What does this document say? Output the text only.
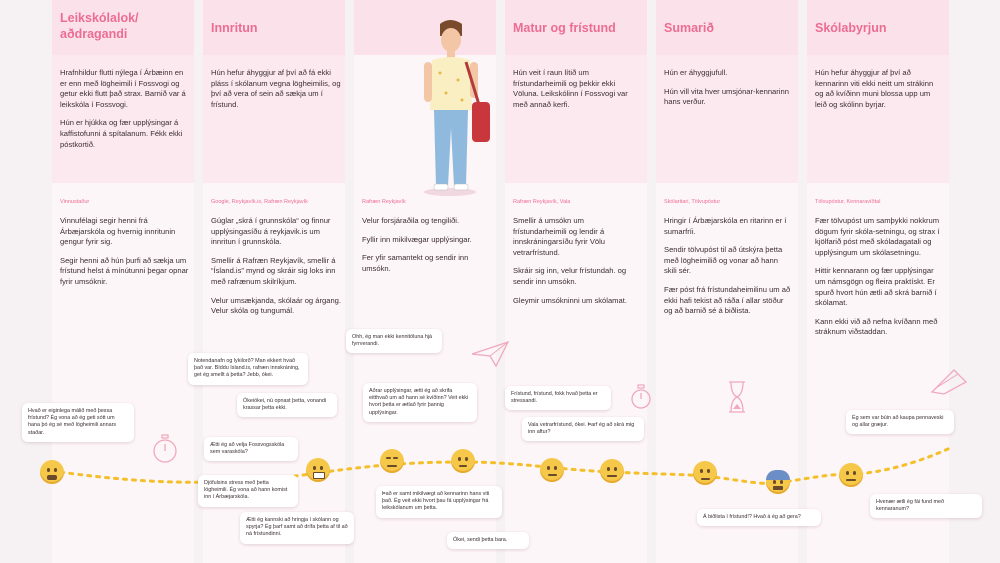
Leikskólalok/ aðdragandi	Innritun	Matur og frístund	Sumarið	Skólabyrjun

Hrafnhildur flutti nýlega í Árbæinn en er enn með lögheimili í Fossvogi og getur ekki flutt það strax. Barnið var á leikskóla í Fossvogi.

Hún er hjúkka og fær upplýsingar á kaffistofunni á spítalanum. Fékk ekki póstkortið.

Hún hefur áhyggjur af því að fá ekki pláss í skólanum vegna lögheimilis, og því að vera of sein að sækja um í frístund.

Hún veit í raun lítið um frístundarheimili og þekkir ekki Völuna. Leikskólinn í Fossvogi var með annað kerfi.

Hún er áhyggjufull.

Hún vill vita hver umsjónar-kennarinn hans verður.

Hún hefur áhyggjur af því að kennarinn viti ekki neitt um strákinn og að kvíðinn muni blossa upp um leið og skólinn byrjar.

Vinnustaður	Google, Reykjavík.is, Rafræn Reykjavík	Rafræn Reykjavík	Rafræn Reykjavík, Vala	Skólaritari, Tölvupóstur	Tölvupóstur, Kennaravíðtal

Vinnufélagi segir henni frá Árbæjarskóla og hvernig innritunin gengur fyrir sig.

Segir henni að hún þurfi að sækja um frístund helst á mínútunni þegar opnar fyrir umsóknir.

Gúglar „skrá í grunnskóla“ og finnur upplýsingasíðu á reykjavik.is um innritun í grunnskóla.

Smellir á Rafræn Reykjavík, smellir á “Ísland.is” mynd og skráir sig loks inn með rafrænum skilríkjum.

Velur umsækjanda, skólaár og árgang. Velur skóla og tungumál.

Velur forsjáraðila og tengiliði.

Fyllir inn mikilvægar upplýsingar.

Fer yfir samantekt og sendir inn umsókn.

Smellir á umsókn um frístundarheimili og lendir á innskráningarsíðu fyrir Völu vetrarfrístund.

Skráir sig inn, velur frístundah. og sendir inn umsókn.

Gleymir umsókninni um skólamat.

Hringir í Árbæjarskóla en ritarinn er í sumarfríi.

Sendir tölvupóst til að útskýra þetta með lögheimilið og vonar að hann skili sér.

Fær póst frá frístundaheimilinu um að ekki hafi tekist að ráða í allar stöður og að barnið sé á biðlista.

Fær tölvupóst um samþykki nokkrum dögum fyrir skóla-setningu, og strax í kjölfarið póst með skóladagatali og upplýsingum um skólasetningu.

Hittir kennarann og fær upplýsingar um námsgögn og fleira praktískt. Er spurð hvort hún ætli að skrá barnið í skólamat.

Kann ekki við að nefna kvíðann með stráknum viðstaddan.

Hvað er eiginlega málið með þessa frístund? Ég vona að ég geti sótt um hana þó ég sé með lögheimili annars staðar.
Notendanafn og lykilorð? Man ekkert hvað það var. Bíddu Island.is, rafræn innskráning, get ég smellt á þetta? Jebb, ókei.
Ókeiókei, nú opnast þetta, vonandi krassar þetta ekki.
Ætti ég að velja Fossvogsskóla sem varaskóla?
Djöfulsins stress með þetta lögheimili. Ég vona að hann komist inn í Árbæjarskóla.
Ætti ég kannski að hringja í skólann og spyrja? Ég þarf samt að drífa þetta af til að ná frístundinni.
Ohh, ég man ekki kennitöluna hjá fyrrverandi.
Aðrar upplýsingar, ætti ég að skrifa eitthvað um að hann sé kvíðinn? Veit ekki hvort þetta er ætlað fyrir þannig upplýsingar.
Það er samt mikilvægt að kennarinn hans viti það. Ég veit ekki hvort þau fá upplýsingar frá leikskólanum um þetta.
Ókei, sendi þetta bara.
Frístund, frístund, fokk hvað þetta er stressandi.
Vala vetrarfrístund, ókei. Þarf ég að skrá mig inn aftur?
Á biðlista í frístund!? Hvað á ég að gera?
Ég sem var búin að kaupa pennaveski og allar græjur.
Hvenær ætli ég fái fund með kennaranum?
